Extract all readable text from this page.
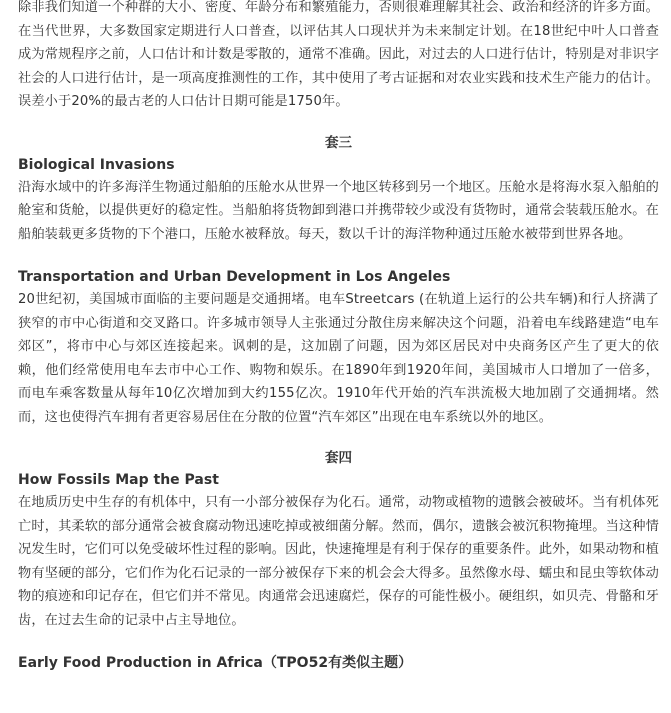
除非我们知道一个种群的大小、密度、年龄分布和繁殖能力，否则很难理解其社会、政治和经济的许多方面。在当代世界，大多数国家定期进行人口普查，以评估其人口现状并为未来制定计划。在18世纪中叶人口普查成为常规程序之前，人口估计和计数是零散的，通常不准确。因此，对过去的人口进行估计，特别是对非识字社会的人口进行估计，是一项高度推测性的工作，其中使用了考古证据和对农业实践和技术生产能力的估计。误差小于20%的最古老的人口估计日期可能是1750年。

套三
Biological Invasions

沿海水域中的许多海洋生物通过船舶的压舱水从世界一个地区转移到另一个地区。压舱水是将海水泵入船舶的舱室和货舱，以提供更好的稳定性。当船舶将货物卸到港口并携带较少或没有货物时，通常会装载压舱水。在船舶装载更多货物的下个港口，压舱水被释放。每天，数以千计的海洋物种通过压舱水被带到世界各地。

Transportation and Urban Development in Los Angeles

20世纪初，美国城市面临的主要问题是交通拥堵。电车Streetcars (在轨道上运行的公共车辆)和行人挤满了狭窄的市中心街道和交叉路口。许多城市领导人主张通过分散住房来解决这个问题，沿着电车线路建造“电车郊区”，将市中心与郊区连接起来。讽刺的是，这加剧了问题，因为郊区居民对中央商务区产生了更大的依赖，他们经常使用电车去市中心工作、购物和娱乐。在1890年到1920年间，美国城市人口增加了一倍多，而电车乘客数量从每年10亿次增加到大约155亿次。1910年代开始的汽车洪流极大地加剧了交通拥堵。然而，这也使得汽车拥有者更容易居住在分散的位置“汽车郊区”出现在电车系统以外的地区。

套四
How Fossils Map the Past

在地质历史中生存的有机体中，只有一小部分被保存为化石。通常，动物或植物的遗骸会被破坏。当有机体死亡时，其柔软的部分通常会被食腐动物迅速吃掉或被细菌分解。然而，偶尔，遗骸会被沉积物掩埋。当这种情况发生时，它们可以免受破坏性过程的影响。因此，快速掩埋是有利于保存的重要条件。此外，如果动物和植物有坚硬的部分，它们作为化石记录的一部分被保存下来的机会会大得多。虽然像水母、蠕虫和昆虫等软体动物的痕迹和印记存在，但它们并不常见。肉通常会迅速腐烂，保存的可能性极小。硬组织，如贝壳、骨骼和牙齿，在过去生命的记录中占主导地位。

Early Food Production in Africa（TPO52有类似主题）
